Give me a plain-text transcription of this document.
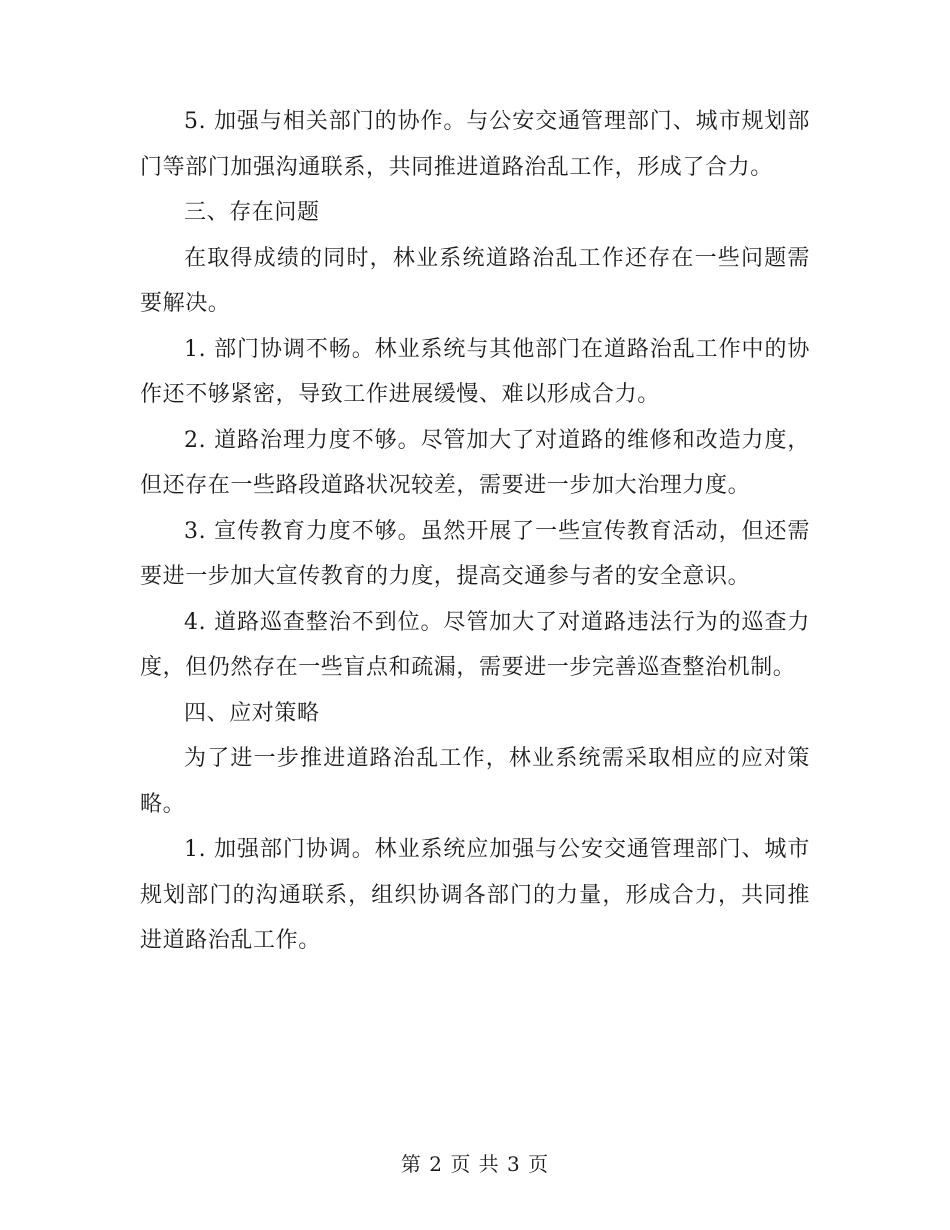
5. 加强与相关部门的协作。与公安交通管理部门、城市规划部门等部门加强沟通联系，共同推进道路治乱工作，形成了合力。

三、存在问题

在取得成绩的同时，林业系统道路治乱工作还存在一些问题需要解决。

1. 部门协调不畅。林业系统与其他部门在道路治乱工作中的协作还不够紧密，导致工作进展缓慢、难以形成合力。

2. 道路治理力度不够。尽管加大了对道路的维修和改造力度，但还存在一些路段道路状况较差，需要进一步加大治理力度。

3. 宣传教育力度不够。虽然开展了一些宣传教育活动，但还需要进一步加大宣传教育的力度，提高交通参与者的安全意识。

4. 道路巡查整治不到位。尽管加大了对道路违法行为的巡查力度，但仍然存在一些盲点和疏漏，需要进一步完善巡查整治机制。

四、应对策略

为了进一步推进道路治乱工作，林业系统需采取相应的应对策略。

1. 加强部门协调。林业系统应加强与公安交通管理部门、城市规划部门的沟通联系，组织协调各部门的力量，形成合力，共同推进道路治乱工作。

第 2 页 共 3 页
